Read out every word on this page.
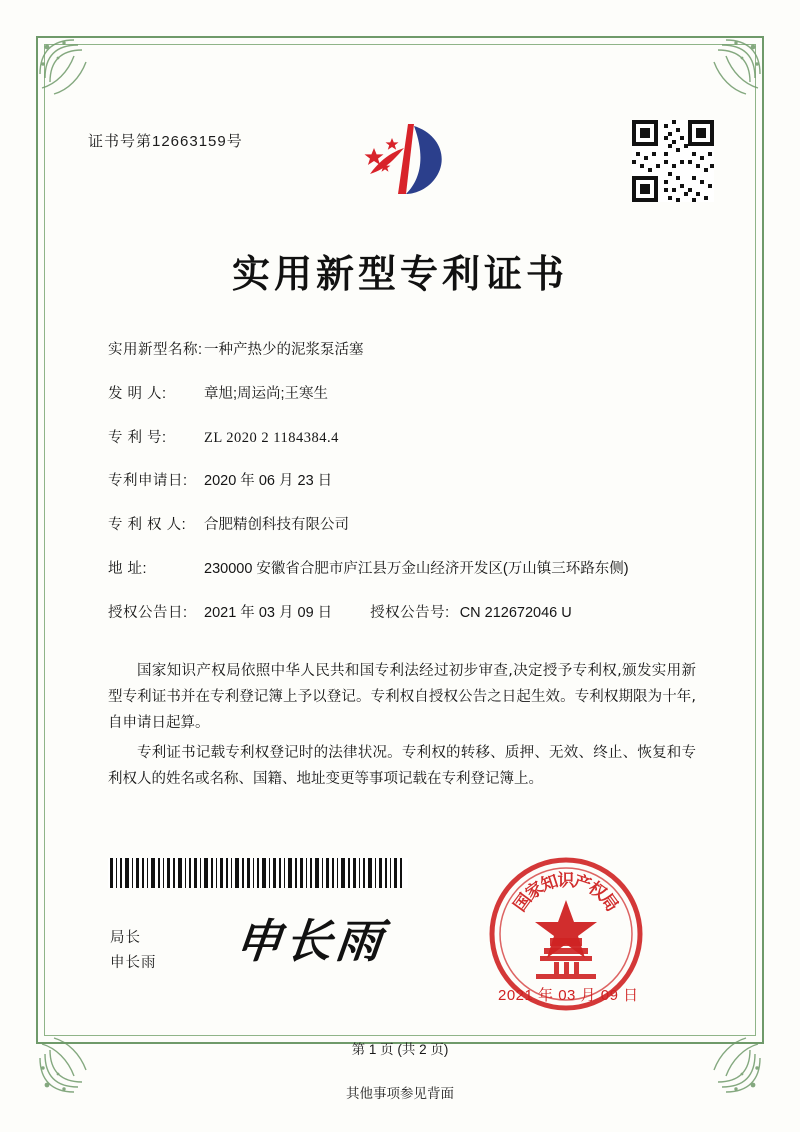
证书号第12663159号
实用新型专利证书
实用新型名称: 一种产热少的泥浆泵活塞
发 明 人:	章旭;周运尚;王寒生
专 利 号:	ZL 2020 2 1184384.4
专利申请日:	2020 年 06 月 23 日
专 利 权 人:	合肥精创科技有限公司
地 址:	230000 安徽省合肥市庐江县万金山经济开发区(万山镇三环路东侧)
授权公告日:	2021 年 03 月 09 日	授权公告号: CN 212672046 U

国家知识产权局依照中华人民共和国专利法经过初步审查,决定授予专利权,颁发实用新型专利证书并在专利登记簿上予以登记。专利权自授权公告之日起生效。专利权期限为十年,自申请日起算。

专利证书记载专利权登记时的法律状况。专利权的转移、质押、无效、终止、恢复和专利权人的姓名或名称、国籍、地址变更等事项记载在专利登记簿上。

局长
申长雨 申长雨
国
家
知
识
产
权
局
2021 年 03 月 09 日
第 1 页 (共 2 页)
其他事项参见背面
